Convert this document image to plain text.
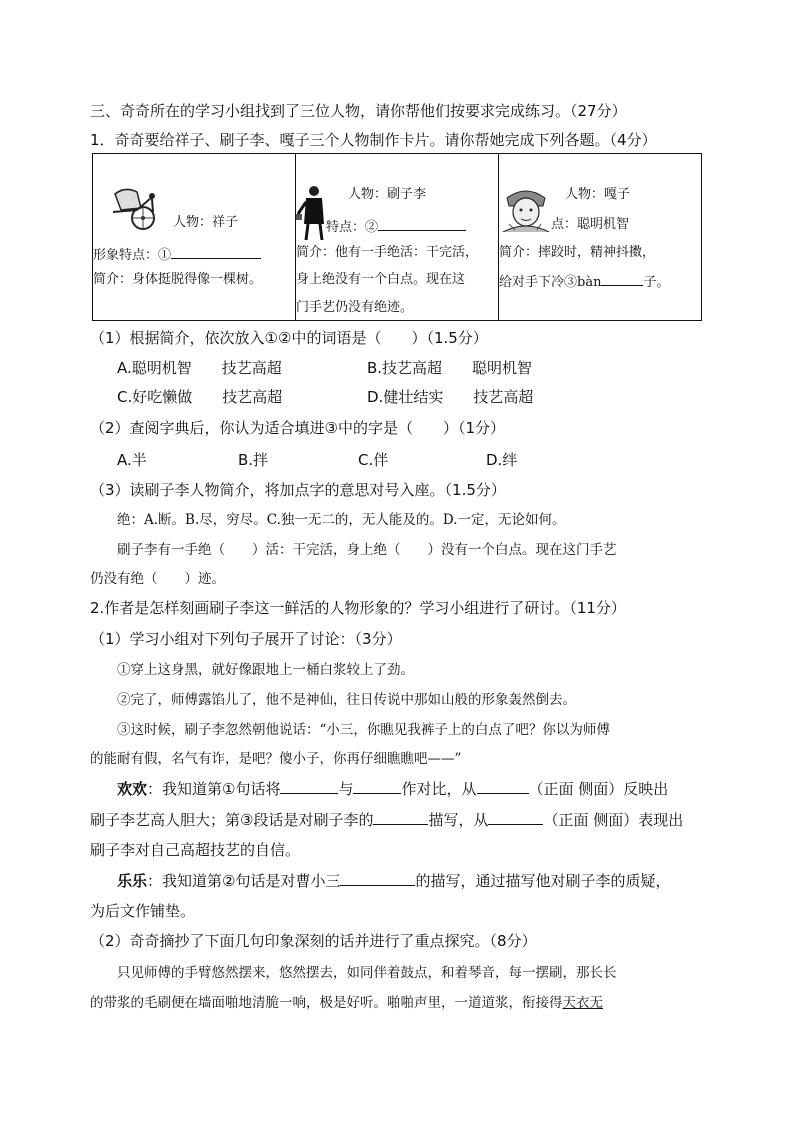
三、奇奇所在的学习小组找到了三位人物，请你帮他们按要求完成练习。（27分）
1．奇奇要给祥子、刷子李、嘎子三个人物制作卡片。请你帮她完成下列各题。（4分）
人物：祥子
形象特点：①
简介：身体挺脱得像一棵树。

人物：刷子李
特点：②
简介：他有一手绝活：干完活，
身上绝没有一个白点。现在这
门手艺仍没有绝迹。

人物：嘎子
点：聪明机智
简介：摔跤时，精神抖擞，
给对手下冷③bàn	子。
（1）根据简介，依次放入①②中的词语是（　　）（1.5分）
A.聪明机智　　技艺高超	B.技艺高超　　聪明机智
C.好吃懒做　　技艺高超	D.健壮结实　　技艺高超
（2）查阅字典后，你认为适合填进③中的字是（　　）（1分）
A.半	B.拌	C.伴	D.绊
（3）读刷子李人物简介，将加点字的意思对号入座。（1.5分）
绝：A.断。B.尽，穷尽。C.独一无二的，无人能及的。D.一定，无论如何。
刷子李有一手绝（　　）活：干完活，身上绝（　　）没有一个白点。现在这门手艺
仍没有绝（　　）迹。
2.作者是怎样刻画刷子李这一鲜活的人物形象的？学习小组进行了研讨。（11分）
（1）学习小组对下列句子展开了讨论：（3分）
①穿上这身黑，就好像跟地上一桶白浆较上了劲。
②完了，师傅露馅儿了，他不是神仙，往日传说中那如山般的形象轰然倒去。
③这时候，刷子李忽然朝他说话：“小三，你瞧见我裤子上的白点了吧？你以为师傅
的能耐有假，名气有诈，是吧？傻小子，你再仔细瞧瞧吧——”
欢欢：我知道第①句话将	与	作对比，从	（正面 侧面）反映出
刷子李艺高人胆大；第③段话是对刷子李的	描写，从	（正面 侧面）表现出
刷子李对自己高超技艺的自信。
乐乐：我知道第②句话是对曹小三	的描写，通过描写他对刷子李的质疑，
为后文作铺垫。
（2）奇奇摘抄了下面几句印象深刻的话并进行了重点探究。（8分）
只见师傅的手臂悠然摆来，悠然摆去，如同伴着鼓点，和着琴音，每一摆刷，那长长
的带浆的毛刷便在墙面啪地清脆一响，极是好听。啪啪声里，一道道浆，衔接得天衣无
